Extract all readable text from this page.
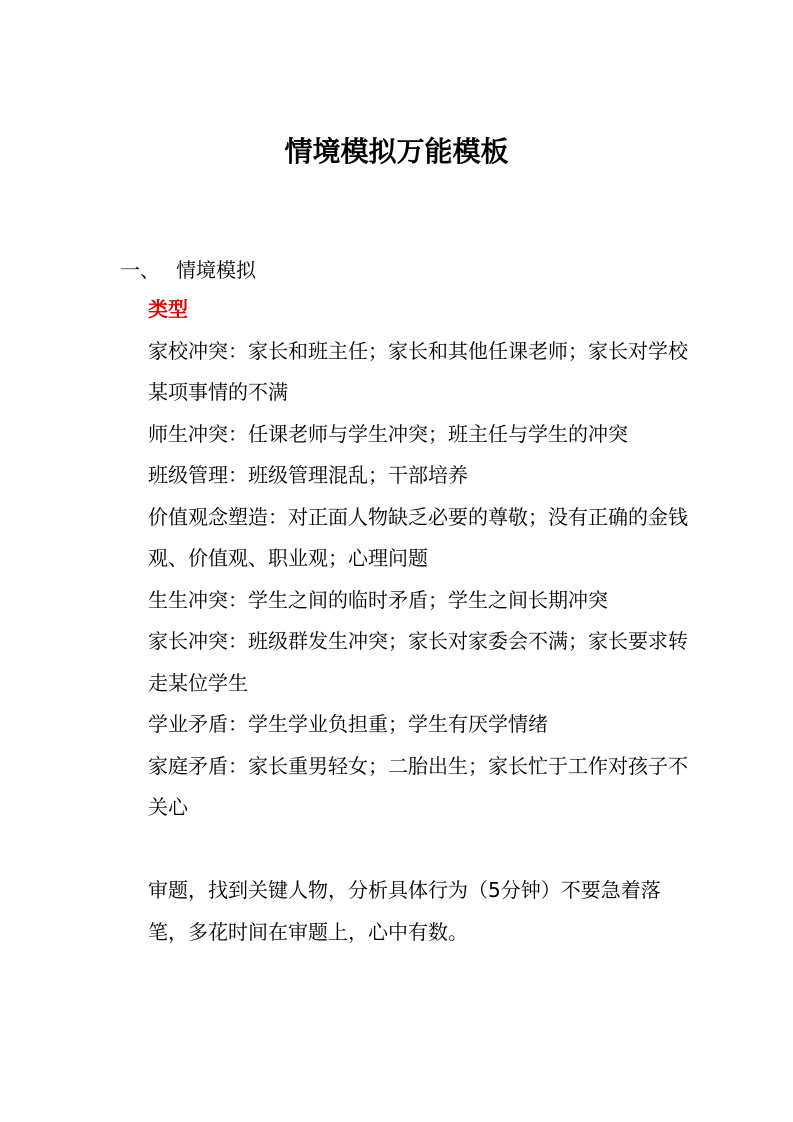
情境模拟万能模板
一、 情境模拟

类型

家校冲突：家长和班主任；家长和其他任课老师；家长对学校某项事情的不满

师生冲突：任课老师与学生冲突；班主任与学生的冲突

班级管理：班级管理混乱；干部培养

价值观念塑造：对正面人物缺乏必要的尊敬；没有正确的金钱观、价值观、职业观；心理问题

生生冲突：学生之间的临时矛盾；学生之间长期冲突

家长冲突：班级群发生冲突；家长对家委会不满；家长要求转走某位学生

学业矛盾：学生学业负担重；学生有厌学情绪

家庭矛盾：家长重男轻女；二胎出生；家长忙于工作对孩子不关心

审题，找到关键人物，分析具体行为（5分钟）不要急着落笔，多花时间在审题上，心中有数。
